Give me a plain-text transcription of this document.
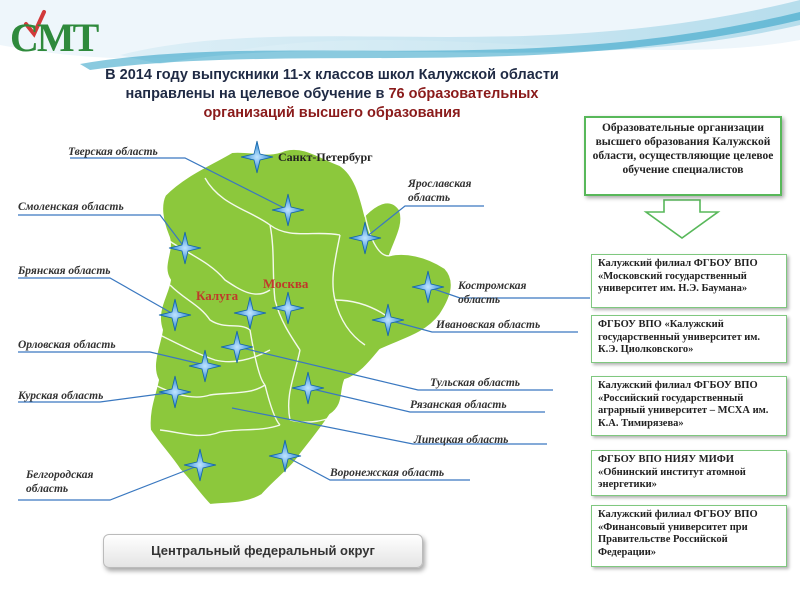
СМТ
В 2014 году выпускники 11-х классов школ Калужской области
направлены на целевое обучение в 76 образовательных
организаций высшего образования
Санкт-Петербург
Москва
Калуга
Тверская область
Смоленская область
Брянская область
Орловская область
Курская область
Белгородская область
Ярославская область
Костромская область
Ивановская область
Тульская область
Рязанская область
Липецкая область
Воронежская область
Образовательные организации высшего образования Калужской области, осуществляющие целевое обучение специалистов
Калужский филиал ФГБОУ ВПО «Московский государственный университет им. Н.Э. Баумана»
ФГБОУ ВПО «Калужский государственный университет им. К.Э. Циолковского»
Калужский филиал ФГБОУ ВПО «Российский государственный аграрный университет – МСХА им. К.А. Тимирязева»
ФГБОУ ВПО НИЯУ МИФИ «Обнинский институт атомной энергетики»
Калужский филиал ФГБОУ ВПО «Финансовый университет при Правительстве Российской Федерации»
Центральный федеральный округ
